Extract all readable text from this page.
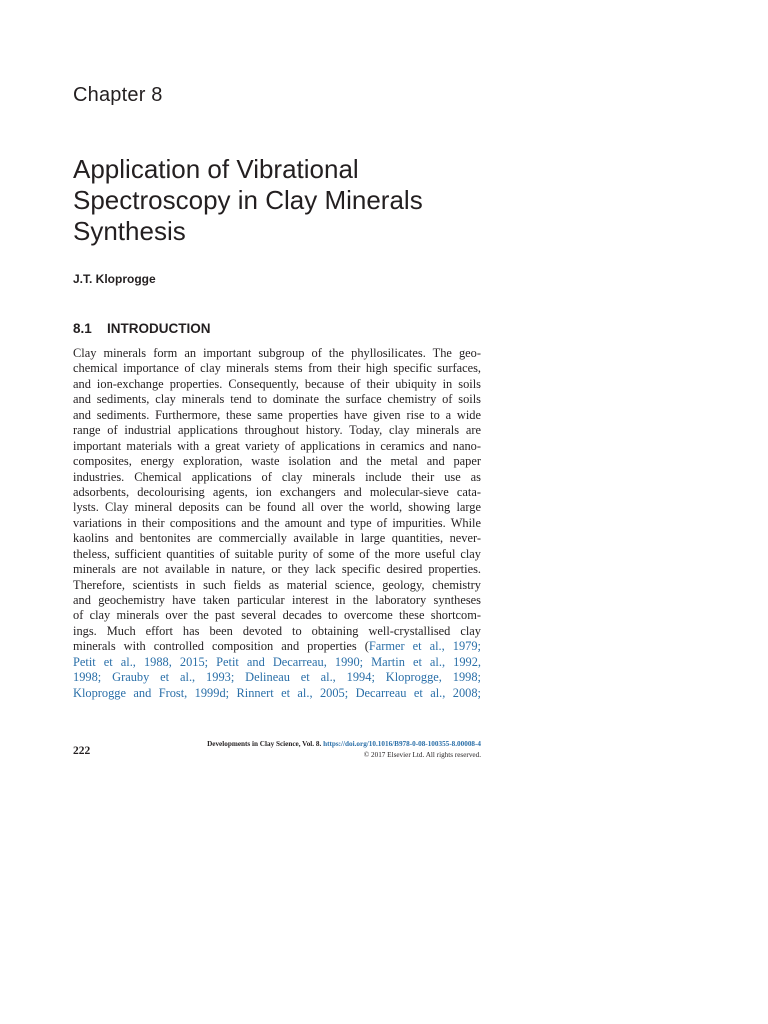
Chapter 8
Application of Vibrational
Spectroscopy in Clay Minerals
Synthesis
J.T. Kloprogge
8.1 INTRODUCTION
Clay minerals form an important subgroup of the phyllosilicates. The geo-
chemical importance of clay minerals stems from their high specific surfaces,
and ion-exchange properties. Consequently, because of their ubiquity in soils
and sediments, clay minerals tend to dominate the surface chemistry of soils
and sediments. Furthermore, these same properties have given rise to a wide
range of industrial applications throughout history. Today, clay minerals are
important materials with a great variety of applications in ceramics and nano-
composites, energy exploration, waste isolation and the metal and paper
industries. Chemical applications of clay minerals include their use as
adsorbents, decolourising agents, ion exchangers and molecular-sieve cata-
lysts. Clay mineral deposits can be found all over the world, showing large
variations in their compositions and the amount and type of impurities. While
kaolins and bentonites are commercially available in large quantities, never-
theless, sufficient quantities of suitable purity of some of the more useful clay
minerals are not available in nature, or they lack specific desired properties.
Therefore, scientists in such fields as material science, geology, chemistry
and geochemistry have taken particular interest in the laboratory syntheses
of clay minerals over the past several decades to overcome these shortcom-
ings. Much effort has been devoted to obtaining well-crystallised clay
minerals with controlled composition and properties (Farmer et al., 1979;
Petit et al., 1988, 2015; Petit and Decarreau, 1990; Martin et al., 1992,
1998; Grauby et al., 1993; Delineau et al., 1994; Kloprogge, 1998;
Kloprogge and Frost, 1999d; Rinnert et al., 2005; Decarreau et al., 2008;
222
Developments in Clay Science, Vol. 8. https://doi.org/10.1016/B978-0-08-100355-8.00008-4
© 2017 Elsevier Ltd. All rights reserved.
